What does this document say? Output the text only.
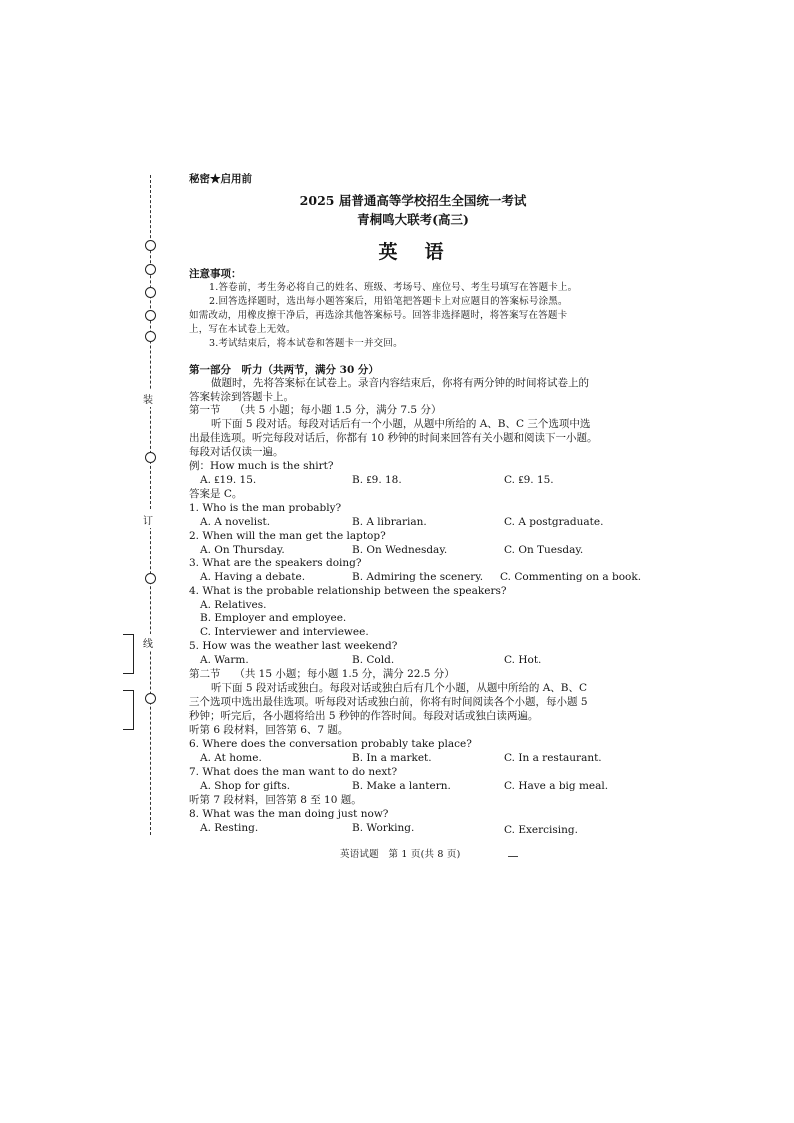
装
订
线
秘密★启用前
2025 届普通高等学校招生全国统一考试
青桐鸣大联考(高三)
英　语
注意事项：
1.答卷前，考生务必将自己的姓名、班级、考场号、座位号、考生号填写在答题卡上。
2.回答选择题时，选出每小题答案后，用铅笔把答题卡上对应题目的答案标号涂黑。
如需改动，用橡皮擦干净后，再选涂其他答案标号。回答非选择题时，将答案写在答题卡
上，写在本试卷上无效。
3.考试结束后，将本试卷和答题卡一并交回。
第一部分　听力（共两节，满分 30 分）
做题时，先将答案标在试卷上。录音内容结束后，你将有两分钟的时间将试卷上的
答案转涂到答题卡上。
第一节　 （共 5 小题；每小题 1.5 分，满分 7.5 分）
听下面 5 段对话。每段对话后有一个小题，从题中所给的 A、B、C 三个选项中选
出最佳选项。听完每段对话后，你都有 10 秒钟的时间来回答有关小题和阅读下一小题。
每段对话仅读一遍。
例：How much is the shirt?
A. ₤19. 15.	B. ₤9. 18.	C. ₤9. 15.
答案是 C。
1. Who is the man probably?
A. A novelist.	B. A librarian.	C. A postgraduate.
2. When will the man get the laptop?
A. On Thursday.	B. On Wednesday.	C. On Tuesday.
3. What are the speakers doing?
A. Having a debate.	B. Admiring the scenery. C. Commenting on a book.
4. What is the probable relationship between the speakers?
A. Relatives.
B. Employer and employee.
C. Interviewer and interviewee.
5. How was the weather last weekend?
A. Warm.	B. Cold.	C. Hot.
第二节　 （共 15 小题；每小题 1.5 分，满分 22.5 分）
听下面 5 段对话或独白。每段对话或独白后有几个小题，从题中所给的 A、B、C
三个选项中选出最佳选项。听每段对话或独白前，你将有时间阅读各个小题，每小题 5
秒钟；听完后，各小题将给出 5 秒钟的作答时间。每段对话或独白读两遍。
听第 6 段材料，回答第 6、7 题。
6. Where does the conversation probably take place?
A. At home.	B. In a market.	C. In a restaurant.
7. What does the man want to do next?
A. Shop for gifts.	B. Make a lantern.	C. Have a big meal.
听第 7 段材料，回答第 8 至 10 题。
8. What was the man doing just now?
A. Resting.	B. Working.	C. Exercising.
英语试题　第 1 页(共 8 页)
